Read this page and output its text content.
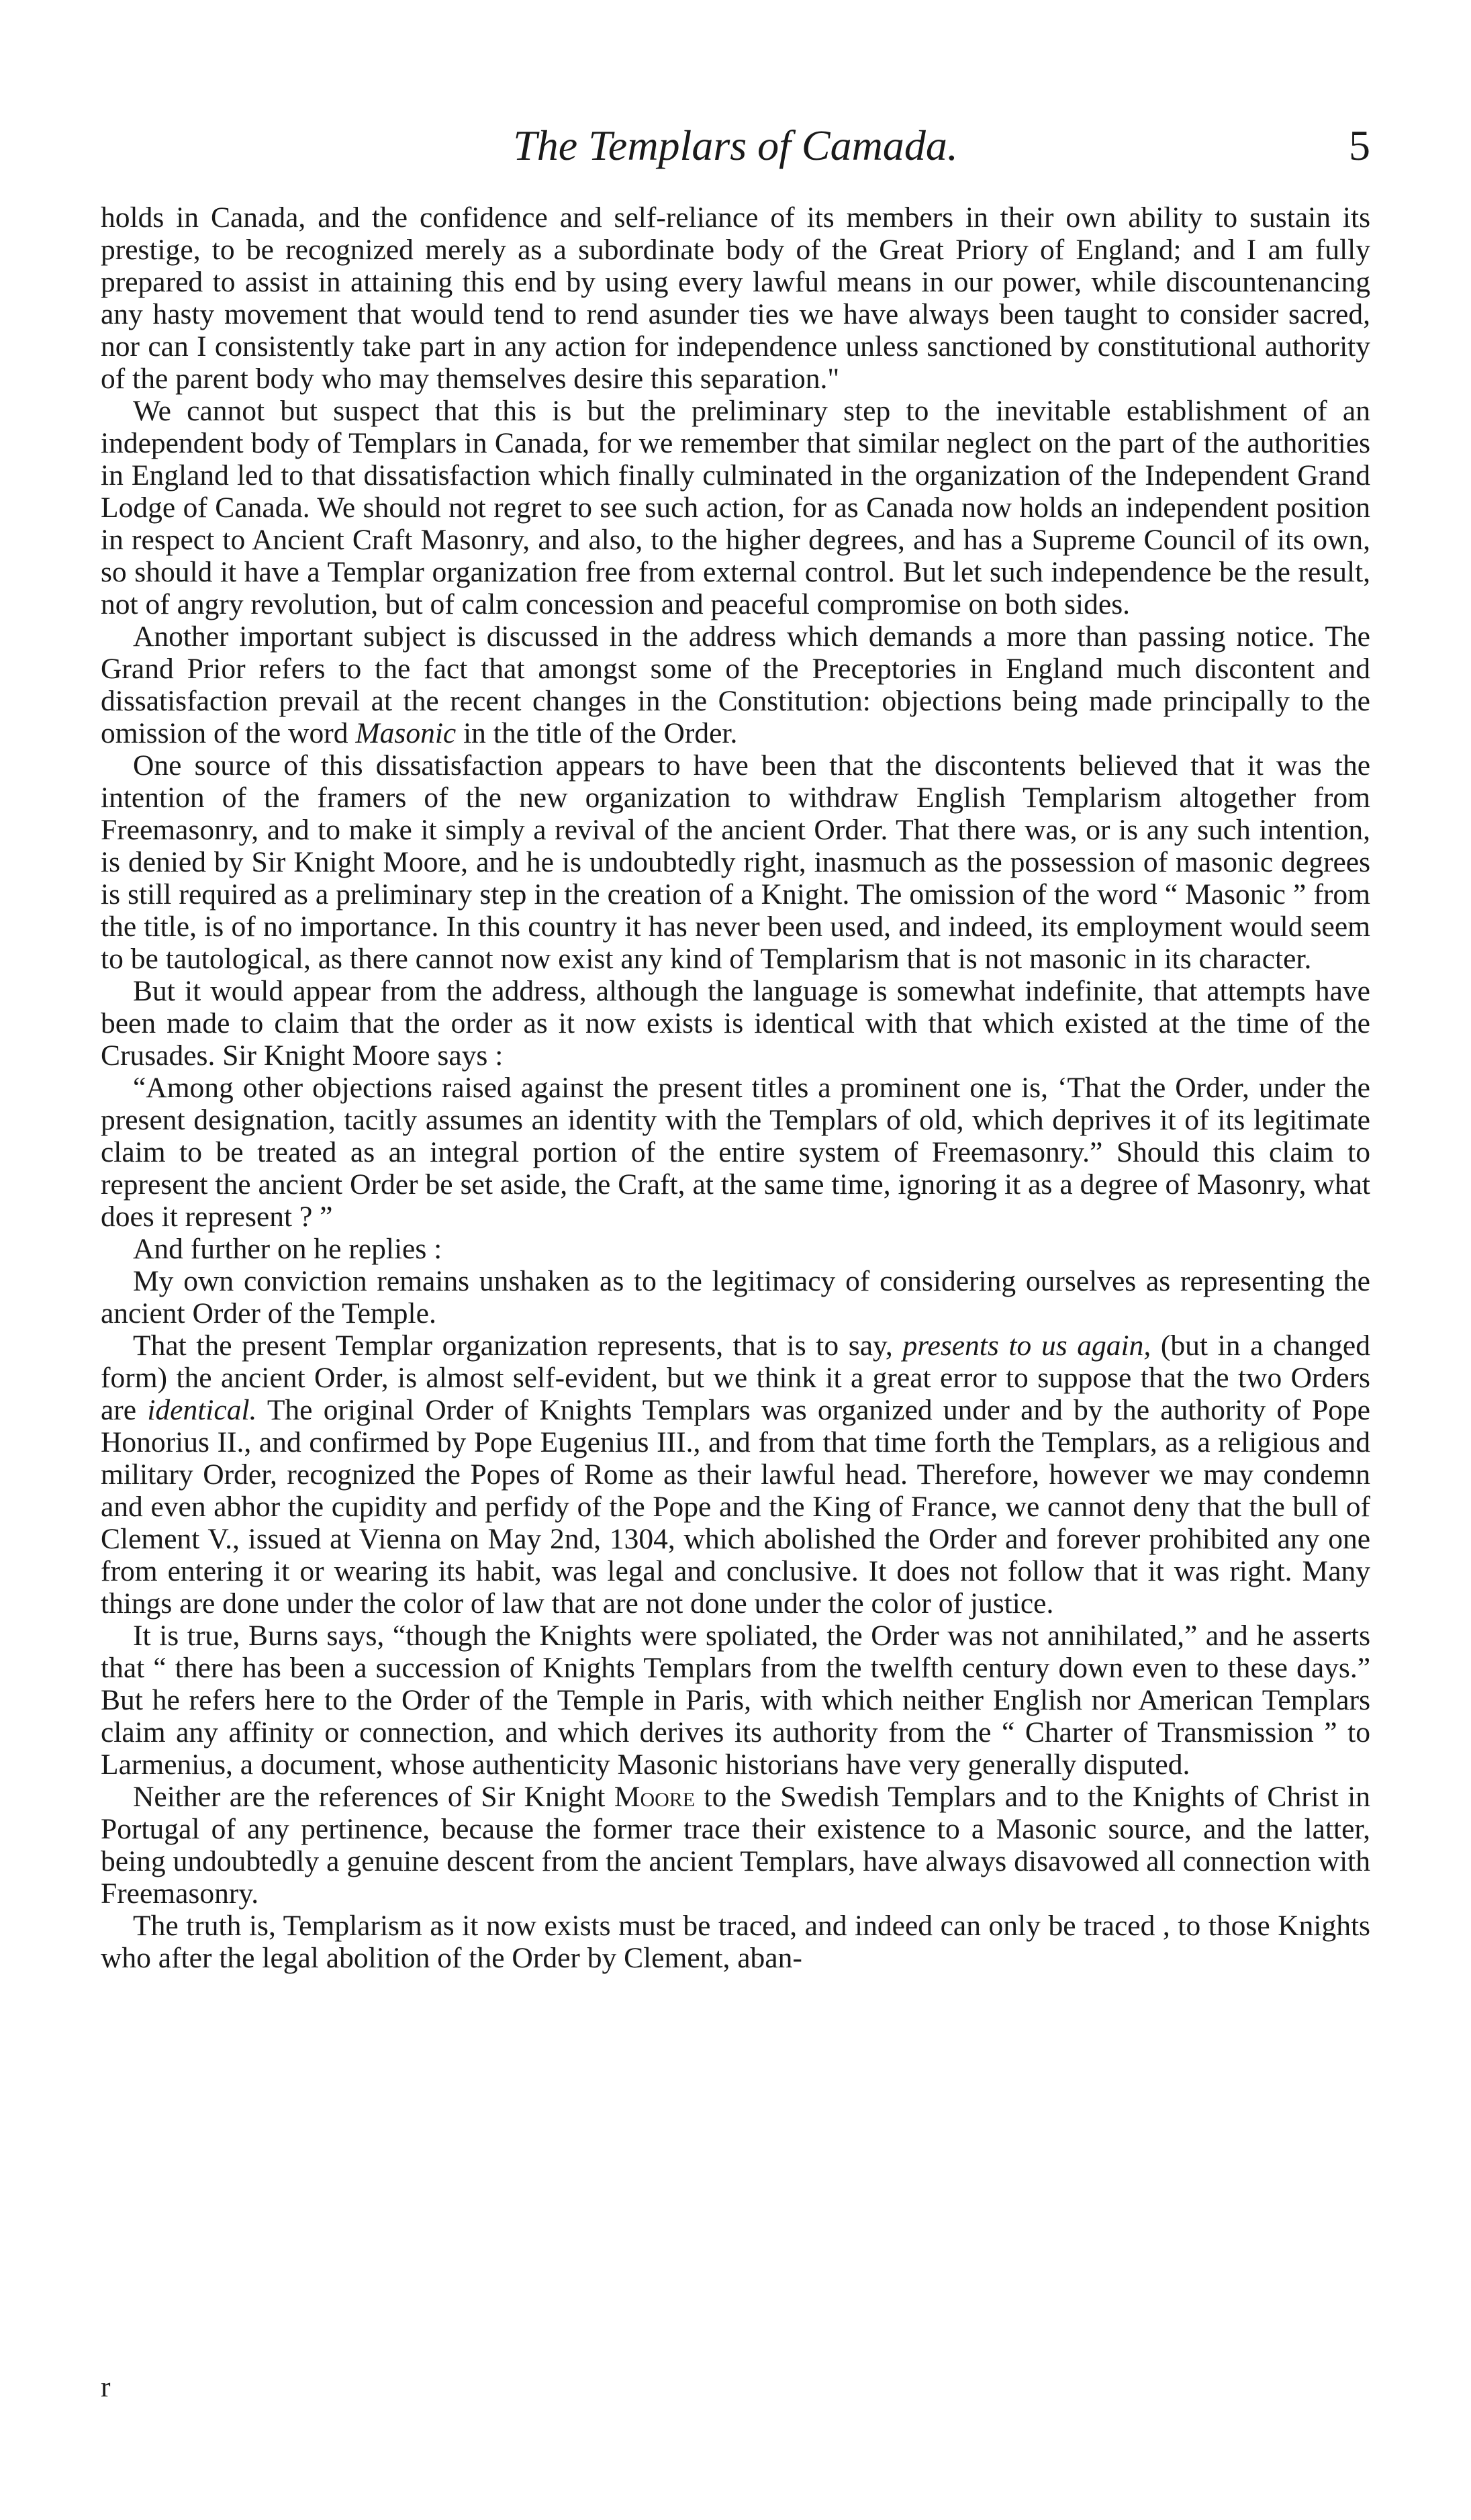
The Templars of Camada.	5

holds in Canada, and the confidence and self-reliance of its members in their own ability to sustain its prestige, to be recognized merely as a subordinate body of the Great Priory of England; and I am fully prepared to assist in attaining this end by using every lawful means in our power, while discountenancing any hasty movement that would tend to rend asunder ties we have always been taught to consider sacred, nor can I consistently take part in any action for independence unless sanctioned by constitutional authority of the parent body who may themselves desire this separation."

We cannot but suspect that this is but the preliminary step to the inevitable establishment of an independent body of Templars in Canada, for we remember that similar neglect on the part of the authorities in England led to that dissatisfaction which finally culminated in the organization of the Independent Grand Lodge of Canada. We should not regret to see such action, for as Canada now holds an independent position in respect to Ancient Craft Masonry, and also, to the higher degrees, and has a Supreme Council of its own, so should it have a Templar organization free from external control. But let such independence be the result, not of angry revolution, but of calm concession and peaceful compromise on both sides.

Another important subject is discussed in the address which demands a more than passing notice. The Grand Prior refers to the fact that amongst some of the Preceptories in England much discontent and dissatisfaction prevail at the recent changes in the Constitution: objections being made principally to the omission of the word Masonic in the title of the Order.

One source of this dissatisfaction appears to have been that the discontents believed that it was the intention of the framers of the new organization to withdraw English Templarism altogether from Freemasonry, and to make it simply a revival of the ancient Order. That there was, or is any such intention, is denied by Sir Knight Moore, and he is undoubtedly right, inasmuch as the possession of masonic degrees is still required as a preliminary step in the creation of a Knight. The omission of the word “ Masonic ” from the title, is of no importance. In this country it has never been used, and indeed, its employment would seem to be tautological, as there cannot now exist any kind of Templarism that is not masonic in its character.

But it would appear from the address, although the language is somewhat indefinite, that attempts have been made to claim that the order as it now exists is identical with that which existed at the time of the Crusades. Sir Knight Moore says :

“Among other objections raised against the present titles a prominent one is, ‘That the Order, under the present designation, tacitly assumes an identity with the Templars of old, which deprives it of its legitimate claim to be treated as an integral portion of the entire system of Freemasonry.” Should this claim to represent the ancient Order be set aside, the Craft, at the same time, ignoring it as a degree of Masonry, what does it represent ? ”

And further on he replies :

My own conviction remains unshaken as to the legitimacy of considering ourselves as representing the ancient Order of the Temple.

That the present Templar organization represents, that is to say, presents to us again, (but in a changed form) the ancient Order, is almost self-evident, but we think it a great error to suppose that the two Orders are identical. The original Order of Knights Templars was organized under and by the authority of Pope Honorius II., and confirmed by Pope Eugenius III., and from that time forth the Templars, as a religious and military Order, recognized the Popes of Rome as their lawful head. Therefore, however we may condemn and even abhor the cupidity and perfidy of the Pope and the King of France, we cannot deny that the bull of Clement V., issued at Vienna on May 2nd, 1304, which abolished the Order and forever prohibited any one from entering it or wearing its habit, was legal and conclusive. It does not follow that it was right. Many things are done under the color of law that are not done under the color of justice.

It is true, Burns says, “though the Knights were spoliated, the Order was not annihilated,” and he asserts that “ there has been a succession of Knights Templars from the twelfth century down even to these days.” But he refers here to the Order of the Temple in Paris, with which neither English nor American Templars claim any affinity or connection, and which derives its authority from the “ Charter of Transmission ” to Larmenius, a document, whose authenticity Masonic historians have very generally disputed.

Neither are the references of Sir Knight Moore to the Swedish Templars and to the Knights of Christ in Portugal of any pertinence, because the former trace their existence to a Masonic source, and the latter, being undoubtedly a genuine descent from the ancient Templars, have always disavowed all connection with Freemasonry.

The truth is, Templarism as it now exists must be traced, and indeed can only be traced , to those Knights who after the legal abolition of the Order by Clement, aban-

r
